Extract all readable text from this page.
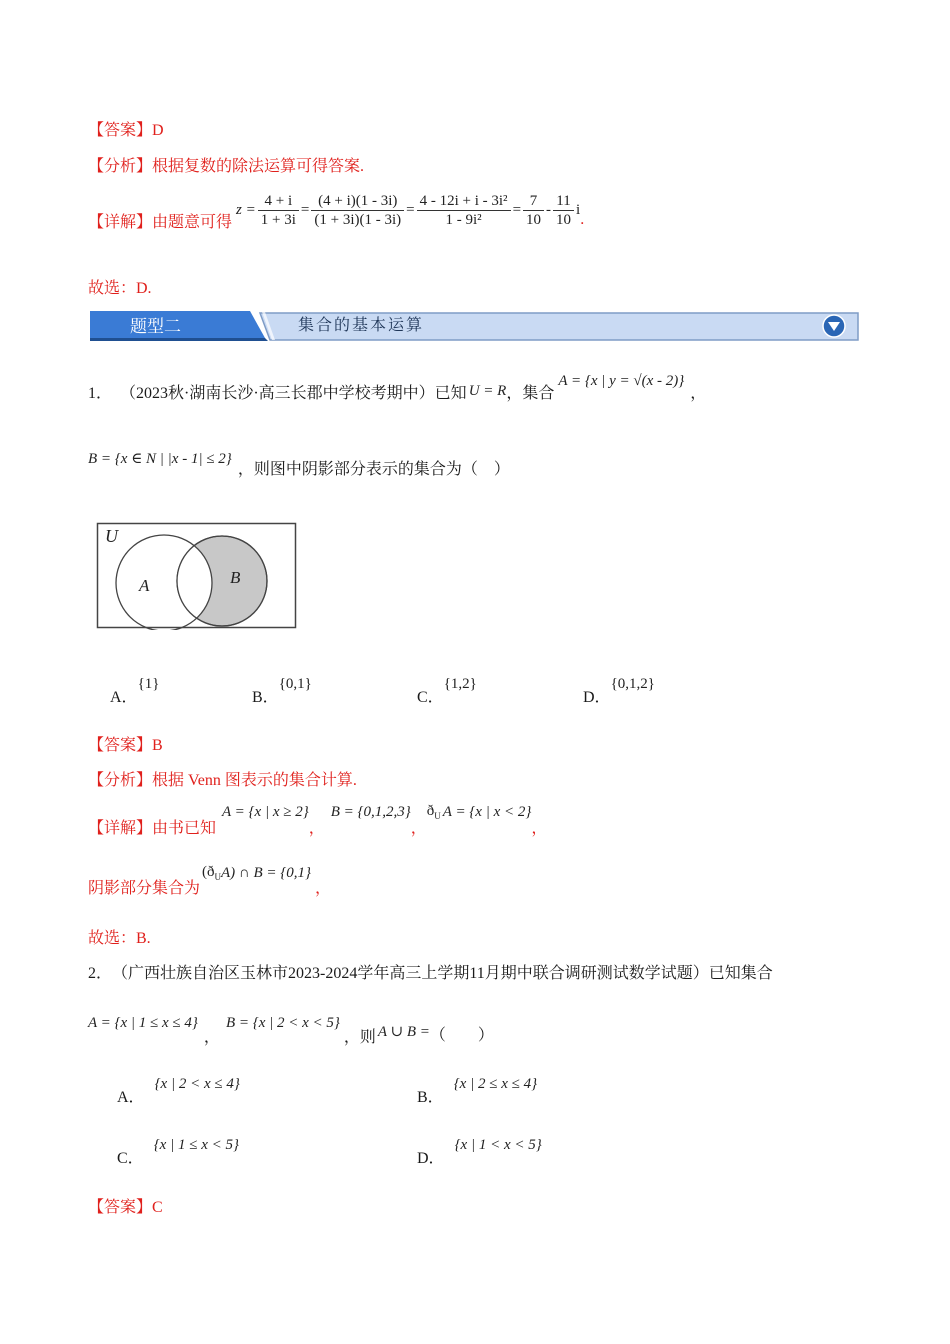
【答案】D
【分析】根据复数的除法运算可得答案.
【详解】 由题意可得
$z = \frac{4 + i}{1 + 3i} = \frac{(4 + i)(1 - 3i)}{(1 + 3i)(1 - 3i)} = \frac{\text{4 - 12i + i - 3i²}}{\text{1 - 9i²}} = \frac{7}{10} - \frac{11}{10}$ i
.
故选：D.
题型二	集合的基本运算
1． （2023秋·湖南长沙·高三长郡中学校考期中）已知 U = R ，集合
A = {x | y = √(x - 2)}
，
B = {x ∈ N | |x - 1| ≤ 2}
，则图中阴影部分表示的集合为（　）
U
A	B
A．{1}
B．{0,1}
C．{1,2}
D．{0,1,2}
【答案】B
【分析】根据 Venn 图表示的集合计算.
【详解】 由书已知
A = {x | x ≥ 2}
，
B = {0,1,2,3}
，
$ð_U$ A = {x | x < 2}
，
阴影部分集合为
($ð_U$ A) ∩ B = {0,1}
，
故选：B.
2． （广西壮族自治区玉林市2023-2024学年高三上学期11月期中联合调研测试数学试题）已知集合
A = {x | 1 ≤ x ≤ 4}
，
B = {x | 2 < x < 5}
，则 A ∪ B = （　　）
A．{x | 2 < x ≤ 4}
B．{x | 2 ≤ x ≤ 4}
C．{x | 1 ≤ x < 5}
D．{x | 1 < x < 5}
【答案】C
